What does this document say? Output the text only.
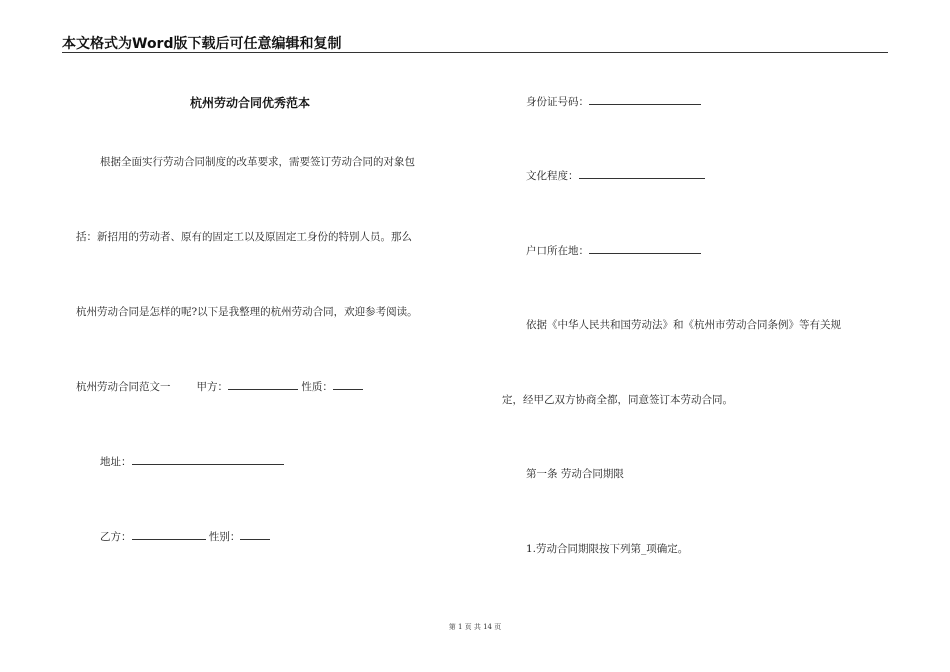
本文格式为Word版下载后可任意编辑和复制
杭州劳动合同优秀范本
根据全面实行劳动合同制度的改革要求，需要签订劳动合同的对象包
括：新招用的劳动者、原有的固定工以及原固定工身份的特别人员。那么
杭州劳动合同是怎样的呢?以下是我整理的杭州劳动合同，欢迎参考阅读。
杭州劳动合同范文一 甲方：	性质：
地址：
乙方：	性别：
身份证号码：
文化程度：
户口所在地：
依据《中华人民共和国劳动法》和《杭州市劳动合同条例》等有关规
定，经甲乙双方协商全都，同意签订本劳动合同。
第一条 劳动合同期限
1.劳动合同期限按下列第_项确定。
第 1 页 共 14 页
